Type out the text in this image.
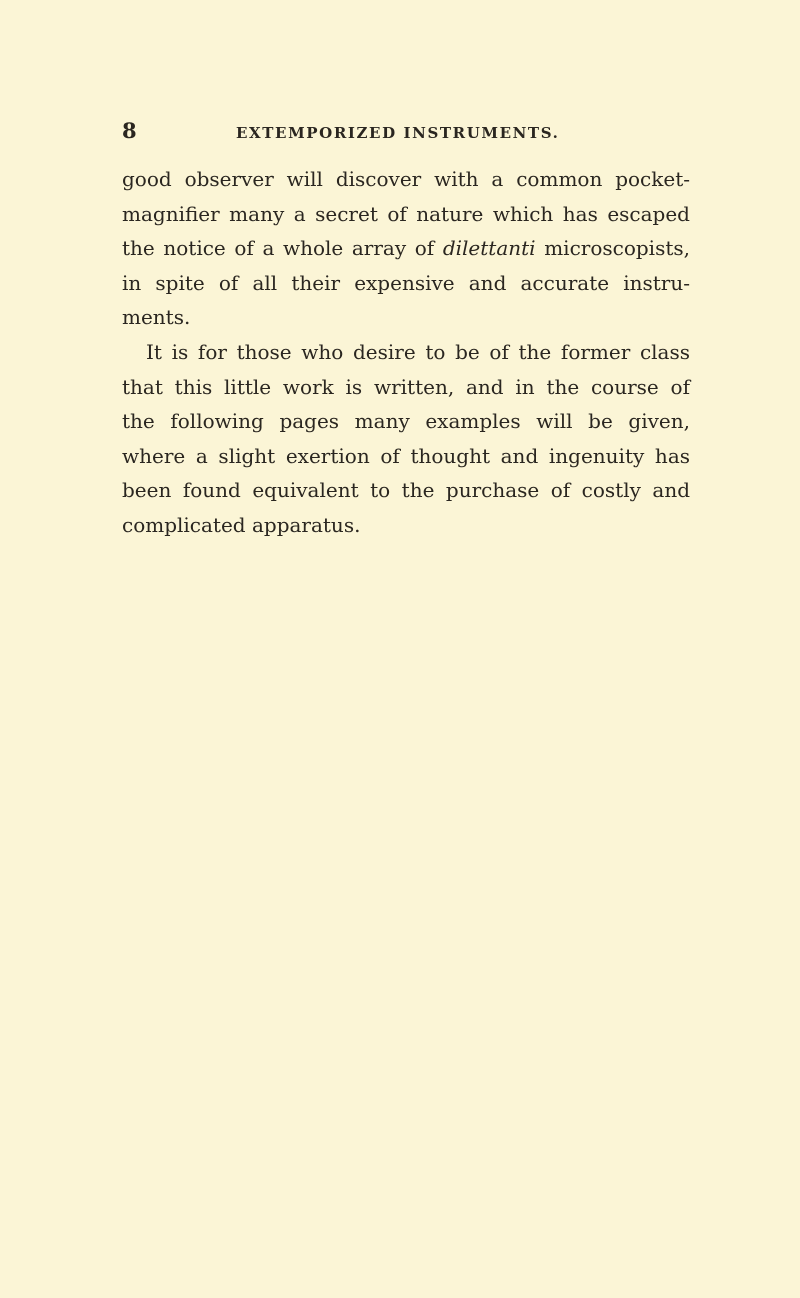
8	EXTEMPORIZED INSTRUMENTS.
good observer will discover with a common pocket-
magnifier many a secret of nature which has escaped
the notice of a whole array of dilettanti microscopists,
in spite of all their expensive and accurate instru-
ments.
It is for those who desire to be of the former class
that this little work is written, and in the course of
the following pages many examples will be given,
where a slight exertion of thought and ingenuity has
been found equivalent to the purchase of costly and
complicated apparatus.
